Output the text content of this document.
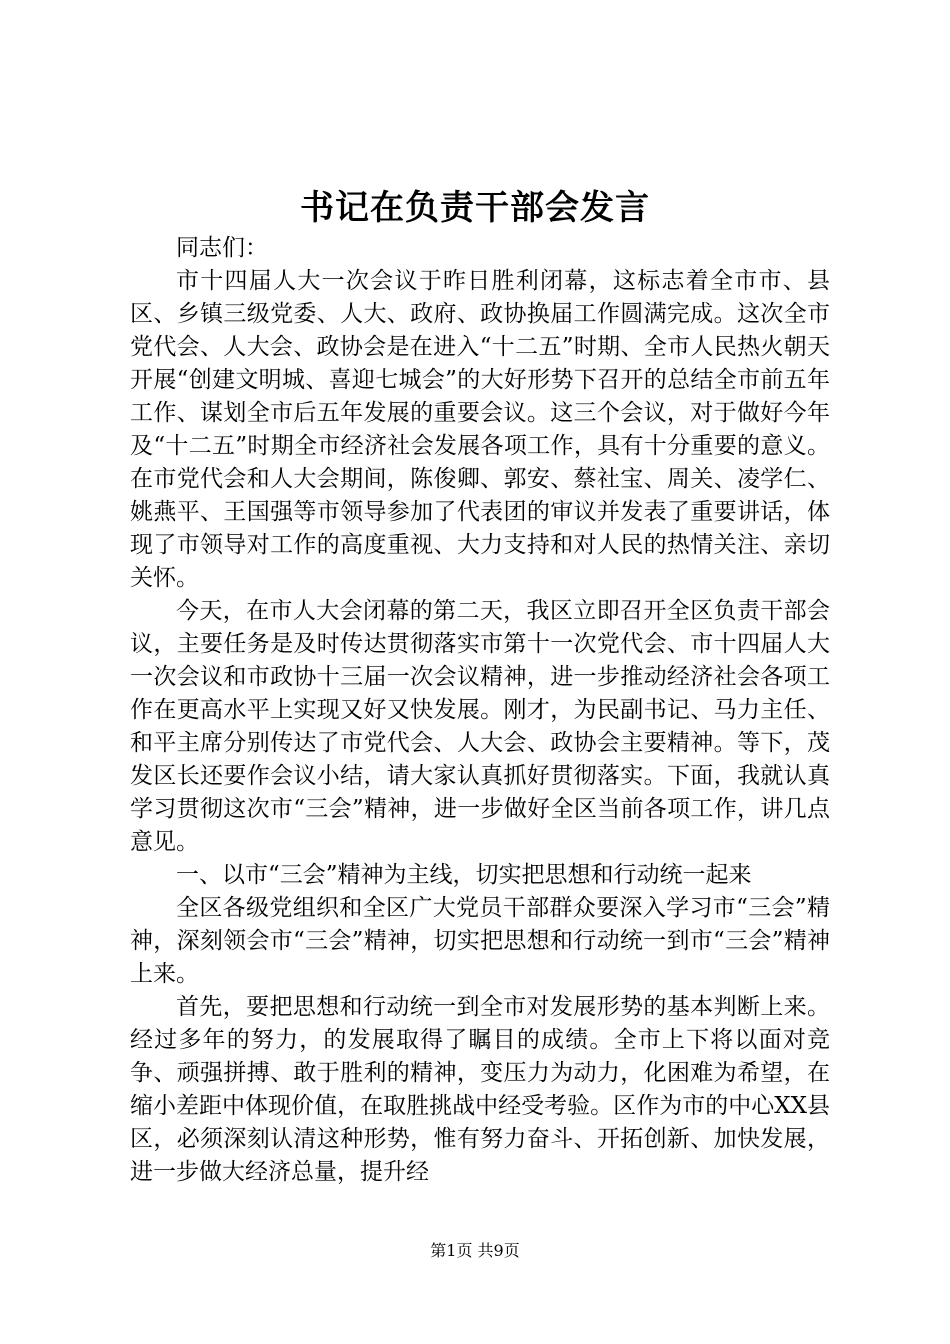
书记在负责干部会发言

同志们：

市十四届人大一次会议于昨日胜利闭幕，这标志着全市市、县区、乡镇三级党委、人大、政府、政协换届工作圆满完成。这次全市党代会、人大会、政协会是在进入“十二五”时期、全市人民热火朝天开展“创建文明城、喜迎七城会”的大好形势下召开的总结全市前五年工作、谋划全市后五年发展的重要会议。这三个会议，对于做好今年及“十二五”时期全市经济社会发展各项工作，具有十分重要的意义。在市党代会和人大会期间，陈俊卿、郭安、蔡社宝、周关、凌学仁、姚燕平、王国强等市领导参加了代表团的审议并发表了重要讲话，体现了市领导对工作的高度重视、大力支持和对人民的热情关注、亲切关怀。

今天，在市人大会闭幕的第二天，我区立即召开全区负责干部会议，主要任务是及时传达贯彻落实市第十一次党代会、市十四届人大一次会议和市政协十三届一次会议精神，进一步推动经济社会各项工作在更高水平上实现又好又快发展。刚才，为民副书记、马力主任、和平主席分别传达了市党代会、人大会、政协会主要精神。等下，茂发区长还要作会议小结，请大家认真抓好贯彻落实。下面，我就认真学习贯彻这次市“三会”精神，进一步做好全区当前各项工作，讲几点意见。

一、以市“三会”精神为主线，切实把思想和行动统一起来

全区各级党组织和全区广大党员干部群众要深入学习市“三会”精神，深刻领会市“三会”精神，切实把思想和行动统一到市“三会”精神上来。

首先，要把思想和行动统一到全市对发展形势的基本判断上来。经过多年的努力，的发展取得了瞩目的成绩。全市上下将以面对竞争、顽强拼搏、敢于胜利的精神，变压力为动力，化困难为希望，在缩小差距中体现价值，在取胜挑战中经受考验。区作为市的中心XX县区，必须深刻认清这种形势，惟有努力奋斗、开拓创新、加快发展，进一步做大经济总量，提升经

第1页 共9页
